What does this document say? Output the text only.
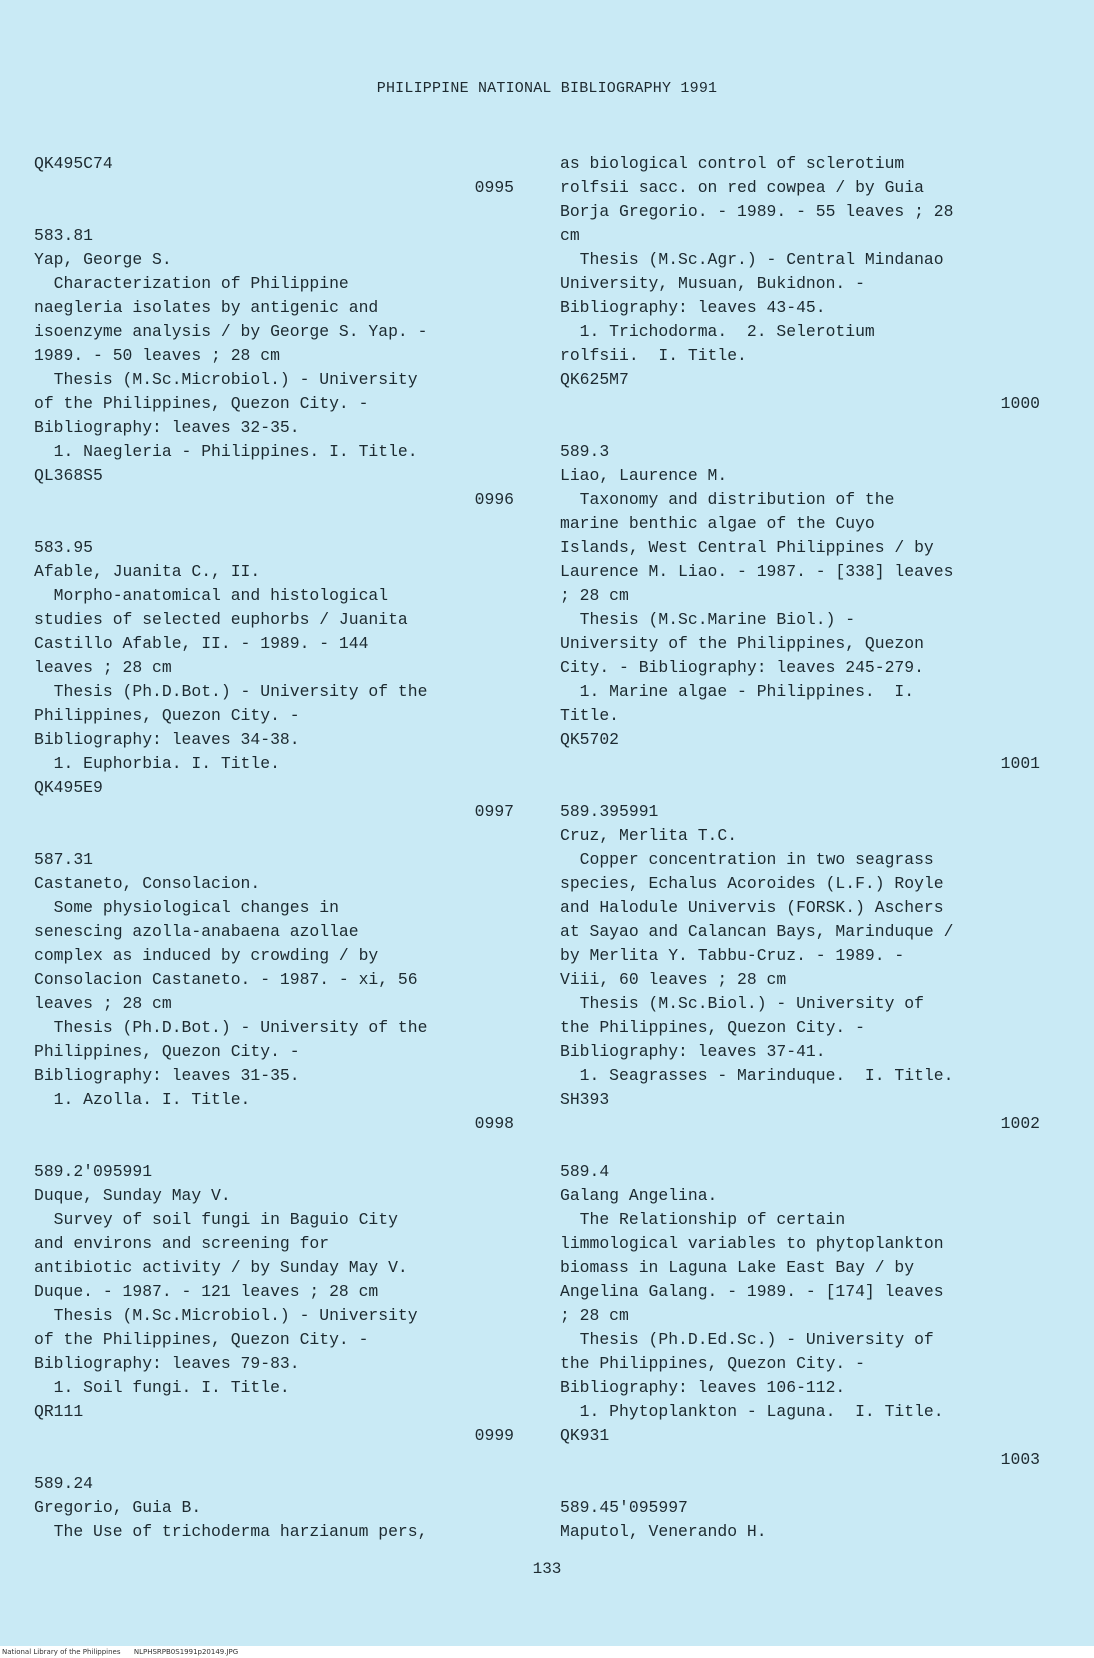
PHILIPPINE NATIONAL BIBLIOGRAPHY 1991
QK495C74
0995
583.81
Yap, George S.
Characterization of Philippine
naegleria isolates by antigenic and
isoenzyme analysis / by George S. Yap. -
1989. - 50 leaves ; 28 cm
Thesis (M.Sc.Microbiol.) - University
of the Philippines, Quezon City. -
Bibliography: leaves 32-35.
1. Naegleria - Philippines. I. Title.
QL368S5
0996
583.95
Afable, Juanita C., II.
Morpho-anatomical and histological
studies of selected euphorbs / Juanita
Castillo Afable, II. - 1989. - 144
leaves ; 28 cm
Thesis (Ph.D.Bot.) - University of the
Philippines, Quezon City. -
Bibliography: leaves 34-38.
1. Euphorbia. I. Title.
QK495E9
0997
587.31
Castaneto, Consolacion.
Some physiological changes in
senescing azolla-anabaena azollae
complex as induced by crowding / by
Consolacion Castaneto. - 1987. - xi, 56
leaves ; 28 cm
Thesis (Ph.D.Bot.) - University of the
Philippines, Quezon City. -
Bibliography: leaves 31-35.
1. Azolla. I. Title.
0998
589.2'095991
Duque, Sunday May V.
Survey of soil fungi in Baguio City
and environs and screening for
antibiotic activity / by Sunday May V.
Duque. - 1987. - 121 leaves ; 28 cm
Thesis (M.Sc.Microbiol.) - University
of the Philippines, Quezon City. -
Bibliography: leaves 79-83.
1. Soil fungi. I. Title.
QR111
0999
589.24
Gregorio, Guia B.
The Use of trichoderma harzianum pers,
as biological control of sclerotium
rolfsii sacc. on red cowpea / by Guia
Borja Gregorio. - 1989. - 55 leaves ; 28
cm
Thesis (M.Sc.Agr.) - Central Mindanao
University, Musuan, Bukidnon. -
Bibliography: leaves 43-45.
1. Trichodorma.  2. Selerotium
rolfsii.  I. Title.
QK625M7
1000
589.3
Liao, Laurence M.
Taxonomy and distribution of the
marine benthic algae of the Cuyo
Islands, West Central Philippines / by
Laurence M. Liao. - 1987. - [338] leaves
; 28 cm
Thesis (M.Sc.Marine Biol.) -
University of the Philippines, Quezon
City. - Bibliography: leaves 245-279.
1. Marine algae - Philippines.  I.
Title.
QK5702
1001
589.395991
Cruz, Merlita T.C.
Copper concentration in two seagrass
species, Echalus Acoroides (L.F.) Royle
and Halodule Univervis (FORSK.) Aschers
at Sayao and Calancan Bays, Marinduque /
by Merlita Y. Tabbu-Cruz. - 1989. -
Viii, 60 leaves ; 28 cm
Thesis (M.Sc.Biol.) - University of
the Philippines, Quezon City. -
Bibliography: leaves 37-41.
1. Seagrasses - Marinduque.  I. Title.
SH393
1002
589.4
Galang Angelina.
The Relationship of certain
limmological variables to phytoplankton
biomass in Laguna Lake East Bay / by
Angelina Galang. - 1989. - [174] leaves
; 28 cm
Thesis (Ph.D.Ed.Sc.) - University of
the Philippines, Quezon City. -
Bibliography: leaves 106-112.
1. Phytoplankton - Laguna.  I. Title.
QK931
1003
589.45'095997
Maputol, Venerando H.
133
National Library of the Philippines NLPHSRPB0S1991p20149.JPG
